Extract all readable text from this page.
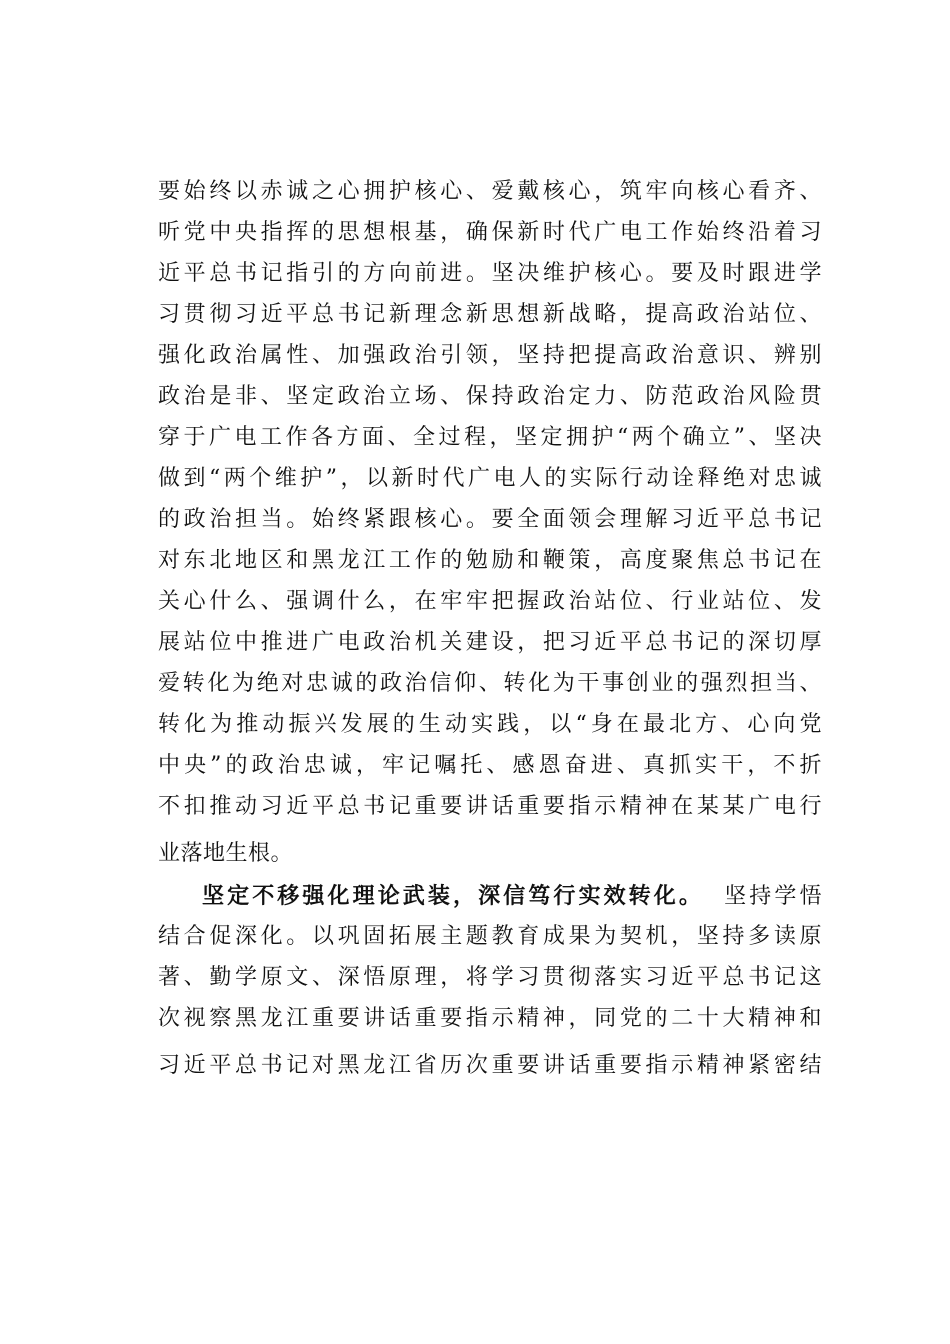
要始终以赤诚之心拥护核心、爱戴核心，筑牢向核心看齐、
听党中央指挥的思想根基，确保新时代广电工作始终沿着习
近平总书记指引的方向前进。坚决维护核心。要及时跟进学
习贯彻习近平总书记新理念新思想新战略，提高政治站位、
强化政治属性、加强政治引领，坚持把提高政治意识、辨别
政治是非、坚定政治立场、保持政治定力、防范政治风险贯
穿于广电工作各方面、全过程，坚定拥护“两个确立”、坚决
做到“两个维护”，以新时代广电人的实际行动诠释绝对忠诚
的政治担当。始终紧跟核心。要全面领会理解习近平总书记
对东北地区和黑龙江工作的勉励和鞭策，高度聚焦总书记在
关心什么、强调什么，在牢牢把握政治站位、行业站位、发
展站位中推进广电政治机关建设，把习近平总书记的深切厚
爱转化为绝对忠诚的政治信仰、转化为干事创业的强烈担当、
转化为推动振兴发展的生动实践，以“身在最北方、心向党
中央”的政治忠诚，牢记嘱托、感恩奋进、真抓实干，不折
不扣推动习近平总书记重要讲话重要指示精神在某某广电行
业落地生根。
坚定不移强化理论武装，深信笃行实效转化。 坚持学悟
结合促深化。以巩固拓展主题教育成果为契机，坚持多读原
著、勤学原文、深悟原理，将学习贯彻落实习近平总书记这
次视察黑龙江重要讲话重要指示精神，同党的二十大精神和
习近平总书记对黑龙江省历次重要讲话重要指示精神紧密结
